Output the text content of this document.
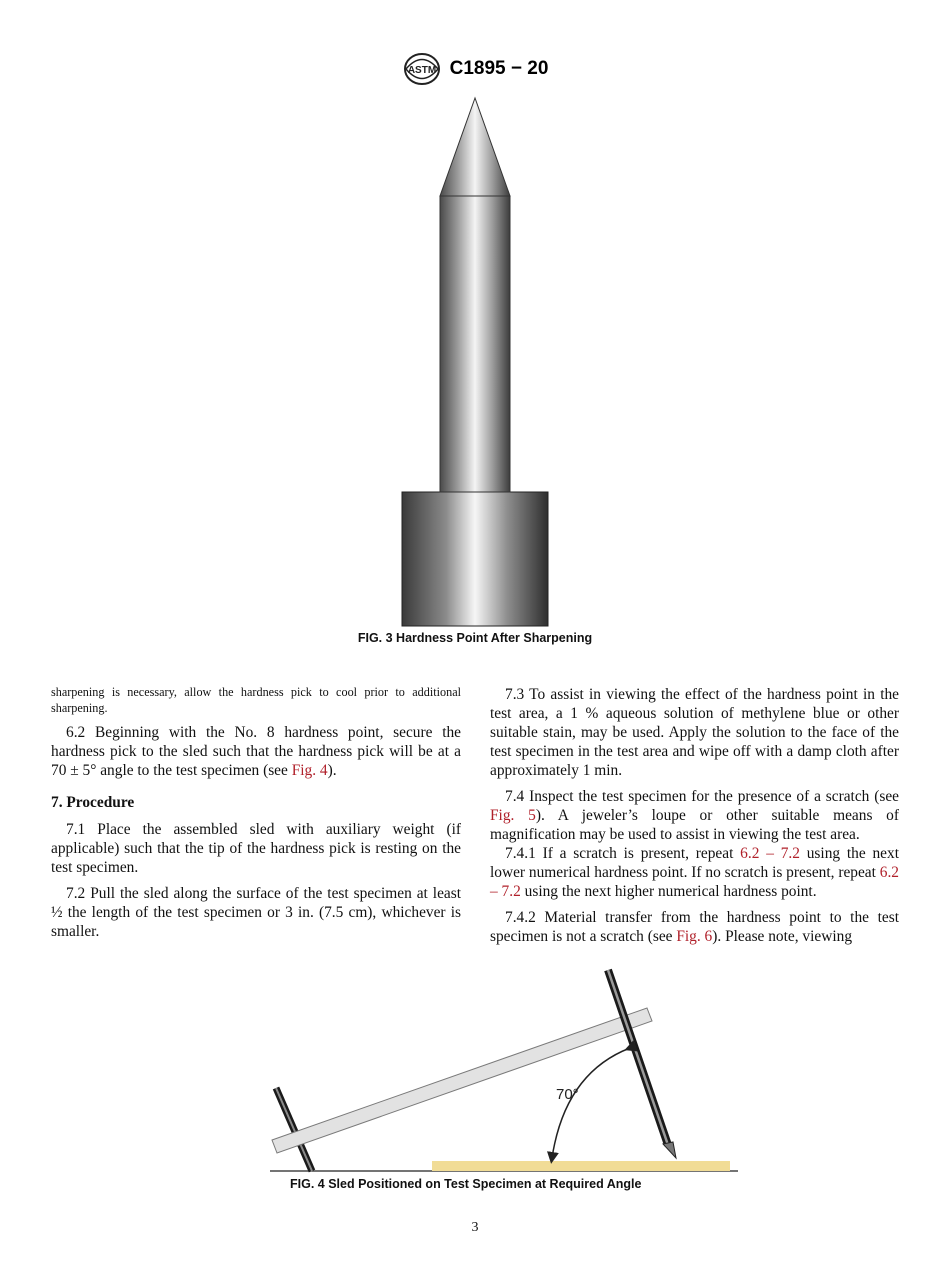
ASTM C1895 − 20
FIG. 3 Hardness Point After Sharpening

sharpening is necessary, allow the hardness pick to cool prior to additional sharpening.

6.2 Beginning with the No. 8 hardness point, secure the hardness pick to the sled such that the hardness pick will be at a 70 ± 5° angle to the test specimen (see Fig. 4).

7. Procedure

7.1 Place the assembled sled with auxiliary weight (if applicable) such that the tip of the hardness pick is resting on the test specimen.

7.2 Pull the sled along the surface of the test specimen at least ½ the length of the test specimen or 3 in. (7.5 cm), whichever is smaller.

7.3 To assist in viewing the effect of the hardness point in the test area, a 1 % aqueous solution of methylene blue or other suitable stain, may be used. Apply the solution to the face of the test specimen in the test area and wipe off with a damp cloth after approximately 1 min.

7.4 Inspect the test specimen for the presence of a scratch (see Fig. 5). A jeweler’s loupe or other suitable means of magnification may be used to assist in viewing the test area.

7.4.1 If a scratch is present, repeat 6.2 – 7.2 using the next lower numerical hardness point. If no scratch is present, repeat 6.2 – 7.2 using the next higher numerical hardness point.

7.4.2 Material transfer from the hardness point to the test specimen is not a scratch (see Fig. 6). Please note, viewing

70°
FIG. 4 Sled Positioned on Test Specimen at Required Angle
3
